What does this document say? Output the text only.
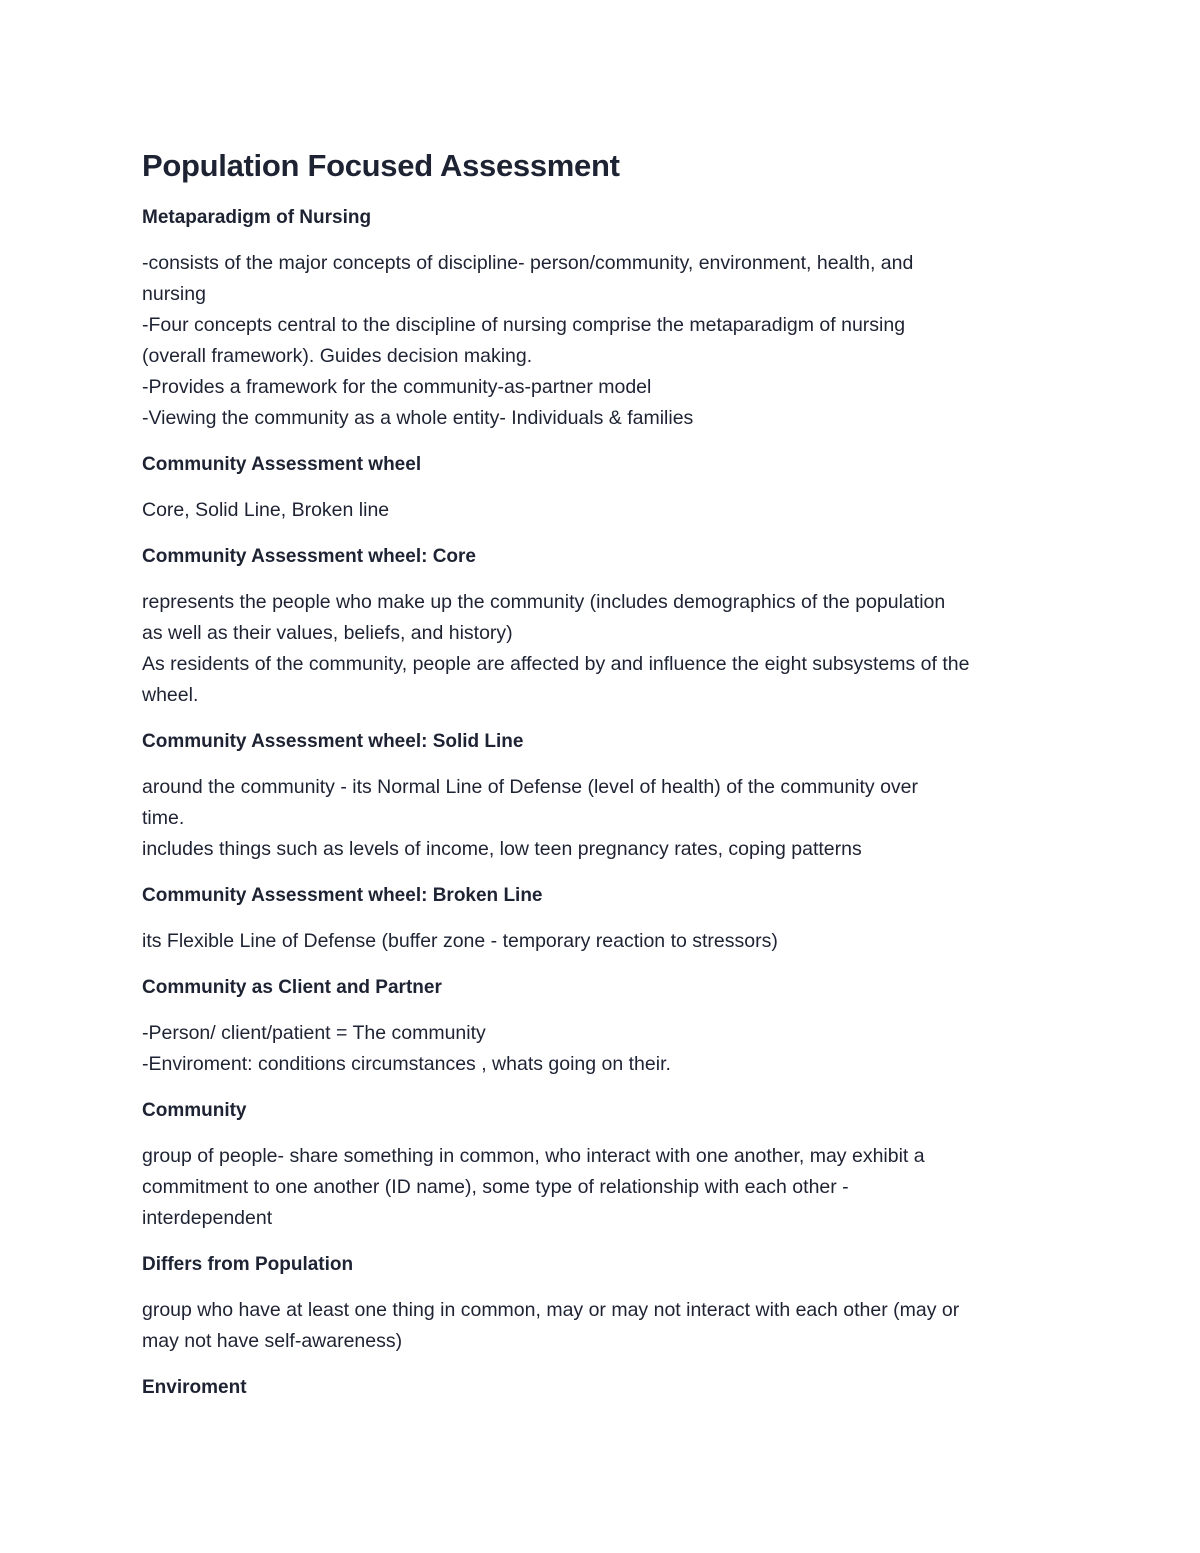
Population Focused Assessment
Metaparadigm of Nursing
-consists of the major concepts of discipline- person/community, environment, health, and
nursing
-Four concepts central to the discipline of nursing comprise the metaparadigm of nursing
(overall framework). Guides decision making.
-Provides a framework for the community-as-partner model
-Viewing the community as a whole entity- Individuals & families
Community Assessment wheel
Core, Solid Line, Broken line
Community Assessment wheel: Core
represents the people who make up the community (includes demographics of the population
as well as their values, beliefs, and history)
As residents of the community, people are affected by and influence the eight subsystems of the
wheel.
Community Assessment wheel: Solid Line
around the community - its Normal Line of Defense (level of health) of the community over
time.
includes things such as levels of income, low teen pregnancy rates, coping patterns
Community Assessment wheel: Broken Line
its Flexible Line of Defense (buffer zone - temporary reaction to stressors)
Community as Client and Partner
-Person/ client/patient = The community
-Enviroment: conditions circumstances , whats going on their.
Community
group of people- share something in common, who interact with one another, may exhibit a
commitment to one another (ID name), some type of relationship with each other -
interdependent
Differs from Population
group who have at least one thing in common, may or may not interact with each other (may or
may not have self-awareness)
Enviroment
